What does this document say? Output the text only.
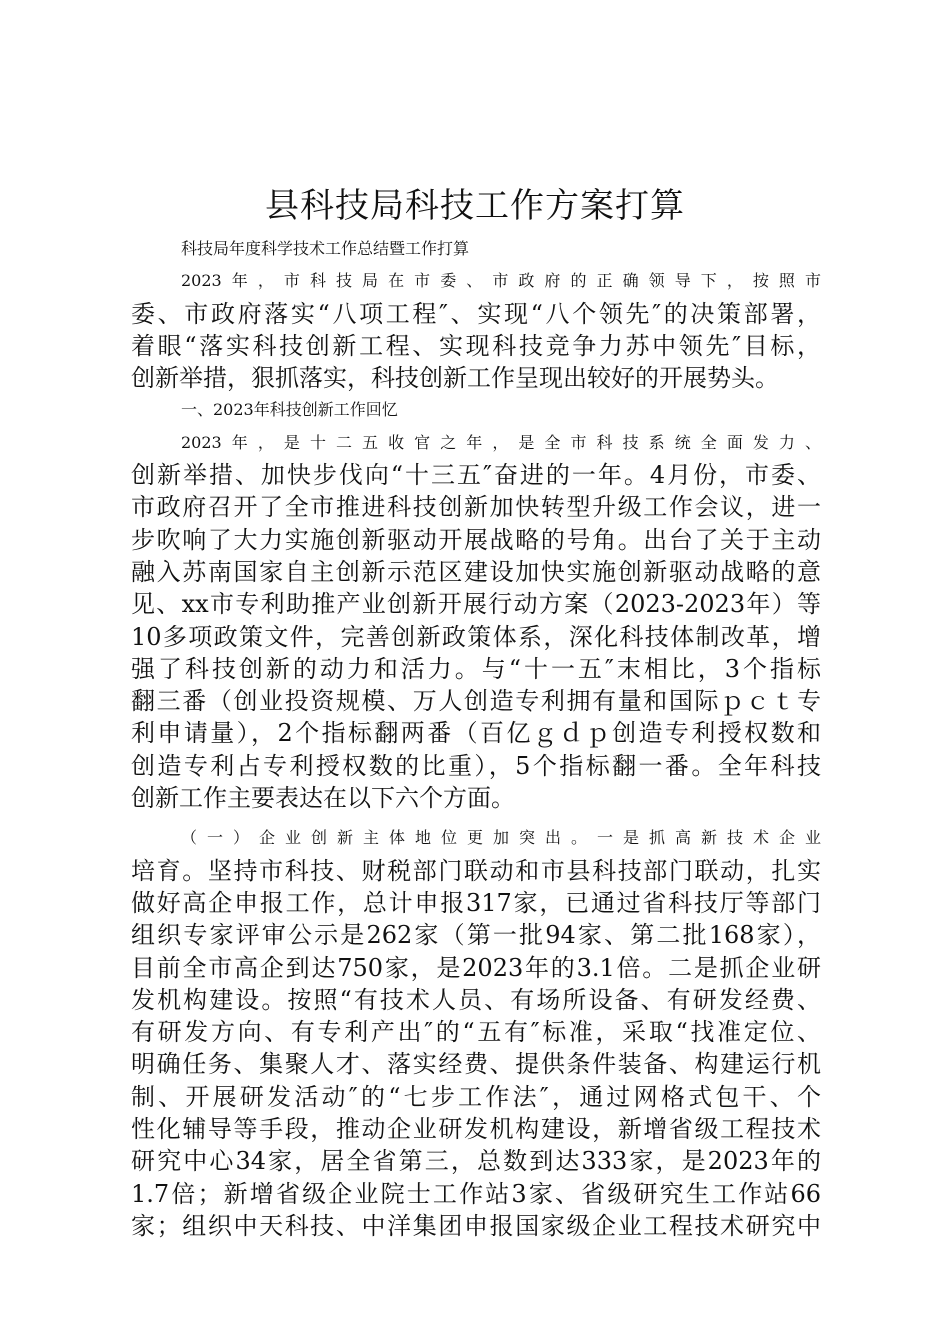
县科技局科技工作方案打算
科技局年度科学技术工作总结暨工作打算
2023年，市科技局在市委、市政府的正确领导下，按照市
委、市政府落实“八项工程″、实现“八个领先″的决策部署，
着眼“落实科技创新工程、实现科技竞争力苏中领先″目标，
创新举措，狠抓落实，科技创新工作呈现出较好的开展势头。
一、2023年科技创新工作回忆
2023年，是十二五收官之年，是全市科技系统全面发力、
创新举措、加快步伐向“十三五″奋进的一年。4月份，市委、
市政府召开了全市推进科技创新加快转型升级工作会议，进一
步吹响了大力实施创新驱动开展战略的号角。出台了关于主动
融入苏南国家自主创新示范区建设加快实施创新驱动战略的意
见、xx市专利助推产业创新开展行动方案（2023-2023年）等
10多项政策文件，完善创新政策体系，深化科技体制改革，增
强了科技创新的动力和活力。与“十一五″末相比，3个指标
翻三番（创业投资规模、万人创造专利拥有量和国际ｐｃｔ专
利申请量），2个指标翻两番（百亿ｇｄｐ创造专利授权数和
创造专利占专利授权数的比重），5个指标翻一番。全年科技
创新工作主要表达在以下六个方面。
（一）企业创新主体地位更加突出。一是抓高新技术企业
培育。坚持市科技、财税部门联动和市县科技部门联动，扎实
做好高企申报工作，总计申报317家，已通过省科技厅等部门
组织专家评审公示是262家（第一批94家、第二批168家），
目前全市高企到达750家，是2023年的3.1倍。二是抓企业研
发机构建设。按照“有技术人员、有场所设备、有研发经费、
有研发方向、有专利产出″的“五有″标准，采取“找准定位、
明确任务、集聚人才、落实经费、提供条件装备、构建运行机
制、开展研发活动″的“七步工作法″，通过网格式包干、个
性化辅导等手段，推动企业研发机构建设，新增省级工程技术
研究中心34家，居全省第三，总数到达333家，是2023年的
1.7倍；新增省级企业院士工作站3家、省级研究生工作站66
家；组织中天科技、中洋集团申报国家级企业工程技术研究中
